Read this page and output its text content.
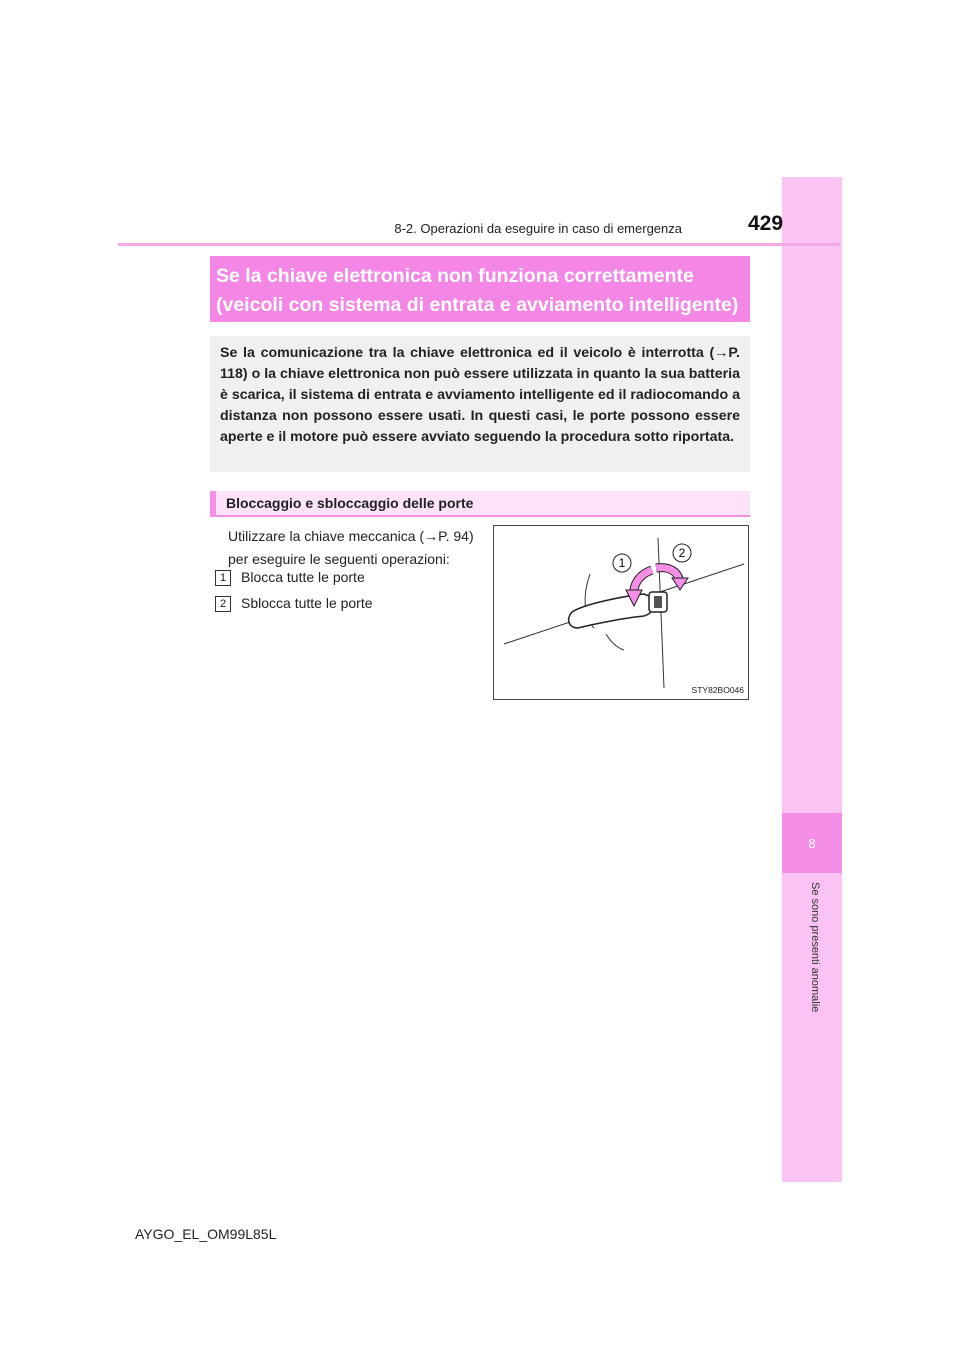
8
Se sono presenti anomalie
8-2. Operazioni da eseguire in caso di emergenza	429
Se la chiave elettronica non funziona correttamente
(veicoli con sistema di entrata e avviamento intelligente)
Se la comunicazione tra la chiave elettronica ed il veicolo è interrotta (→P. 118) o la chiave elettronica non può essere utilizzata in quanto la sua batteria è scarica, il sistema di entrata e avviamento intelligente ed il radiocomando a distanza non possono essere usati. In questi casi, le porte possono essere aperte e il motore può essere avviato seguendo la procedura sotto riportata.
Bloccaggio e sbloccaggio delle porte
Utilizzare la chiave meccanica (→P. 94) per eseguire le seguenti operazioni:
1 Blocca tutte le porte
2 Sblocca tutte le porte
1
2
STY82BO046
AYGO_EL_OM99L85L
